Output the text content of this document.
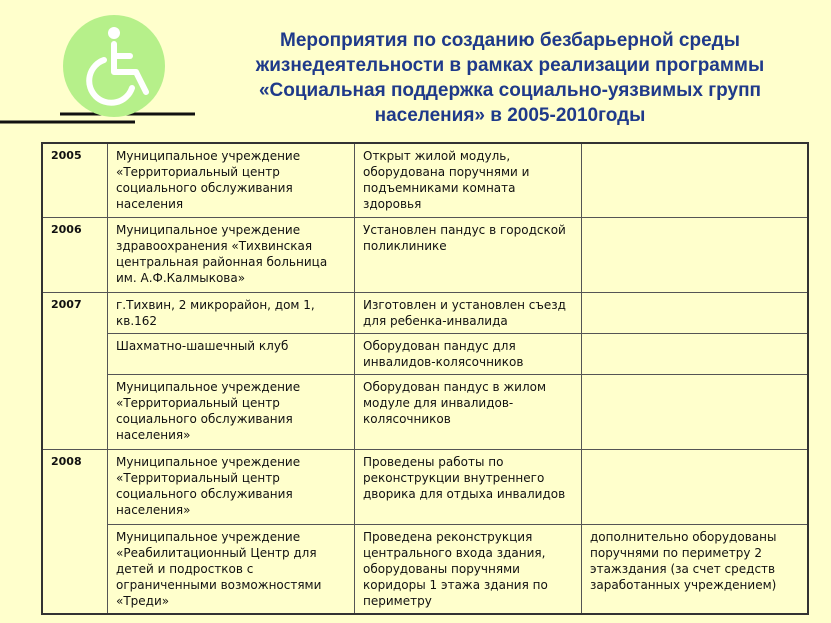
Мероприятия по созданию безбарьерной среды
жизнедеятельности в рамках реализации программы
«Социальная поддержка социально-уязвимых групп
населения» в 2005-2010годы
2005	Муниципальное учреждение «Территориальный центр социального обслуживания населения	Открыт жилой модуль, оборудована поручнями и подъемниками комната здоровья	
2006	Муниципальное учреждение здравоохранения «Тихвинская центральная районная больница им. А.Ф.Калмыкова»	Установлен пандус в городской поликлинике	
2007	г.Тихвин, 2 микрорайон, дом 1, кв.162	Изготовлен и установлен съезд для ребенка-инвалида	
	Шахматно-шашечный клуб	Оборудован пандус для инвалидов-колясочников	
	Муниципальное учреждение «Территориальный центр социального обслуживания населения»	Оборудован пандус в жилом модуле для инвалидов-колясочников	
2008	Муниципальное учреждение «Территориальный центр социального обслуживания населения»	Проведены работы по реконструкции внутреннего дворика для отдыха инвалидов	
	Муниципальное учреждение «Реабилитационный Центр для детей и подростков с ограниченными возможностями «Треди»	Проведена реконструкция центрального входа здания, оборудованы поручнями коридоры 1 этажа здания по периметру	дополнительно оборудованы поручнями по периметру 2 этажздания (за счет средств заработанных учреждением)
